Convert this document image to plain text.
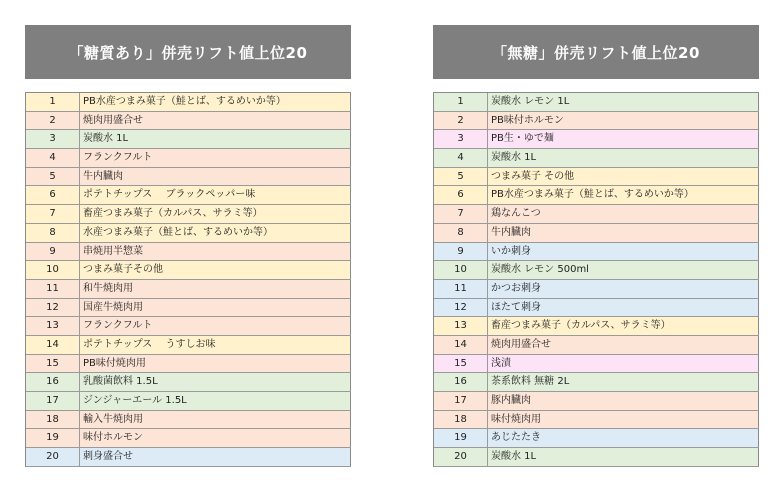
「糖質あり」併売リフト値上位20
1	PB水産つまみ菓子（鮭とば、するめいか等）
2	焼肉用盛合せ
3	炭酸水 1L
4	フランクフルト
5	牛内臓肉
6	ポテトチップス　 ブラックペッパー味
7	畜産つまみ菓子（カルパス、サラミ等）
8	水産つまみ菓子（鮭とば、するめいか等）
9	串焼用半惣菜
10	つまみ菓子その他
11	和牛焼肉用
12	国産牛焼肉用
13	フランクフルト
14	ポテトチップス　 うすしお味
15	PB味付焼肉用
16	乳酸菌飲料 1.5L
17	ジンジャーエール 1.5L
18	輸入牛焼肉用
19	味付ホルモン
20	刺身盛合せ
「無糖」併売リフト値上位20
1	炭酸水 レモン 1L
2	PB味付ホルモン
3	PB生・ゆで麺
4	炭酸水 1L
5	つまみ菓子 その他
6	PB水産つまみ菓子（鮭とば、するめいか等）
7	鶏なんこつ
8	牛内臓肉
9	いか刺身
10	炭酸水 レモン 500ml
11	かつお刺身
12	ほたて刺身
13	畜産つまみ菓子（カルパス、サラミ等）
14	焼肉用盛合せ
15	浅漬
16	茶系飲料 無糖 2L
17	豚内臓肉
18	味付焼肉用
19	あじたたき
20	炭酸水 1L
